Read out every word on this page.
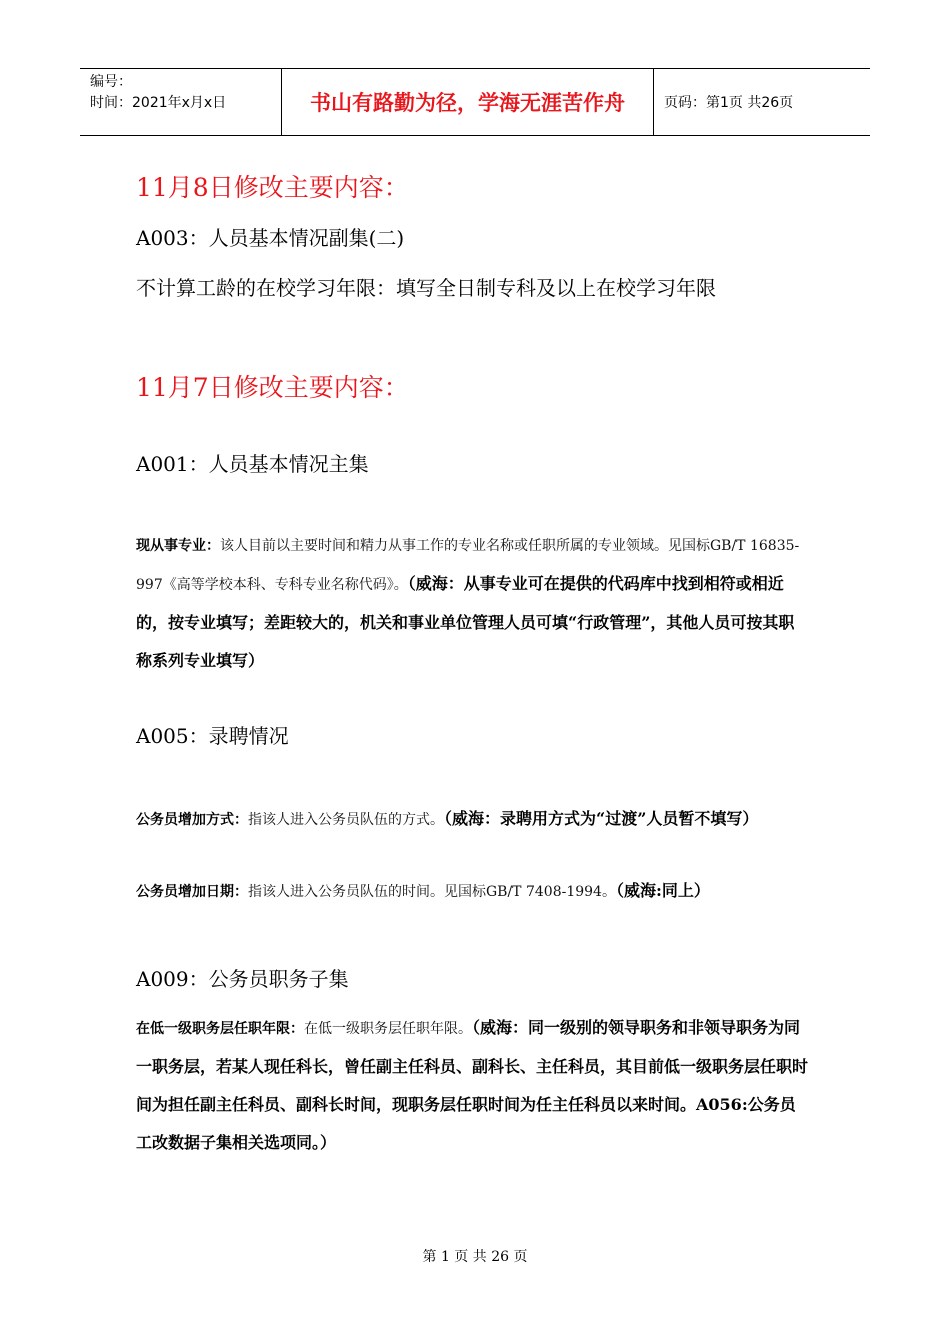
编号：
时间：2021年x月x日	书山有路勤为径，学海无涯苦作舟	页码：第1页 共26页
11月8日修改主要内容：
A003：人员基本情况副集(二)
不计算工龄的在校学习年限：填写全日制专科及以上在校学习年限
11月7日修改主要内容：
A001：人员基本情况主集
现从事专业：该人目前以主要时间和精力从事工作的专业名称或任职所属的专业领域。见国标GB/T 16835-997《高等学校本科、专科专业名称代码》。（威海：从事专业可在提供的代码库中找到相符或相近的，按专业填写；差距较大的，机关和事业单位管理人员可填“行政管理”，其他人员可按其职称系列专业填写）
A005：录聘情况
公务员增加方式：指该人进入公务员队伍的方式。（威海：录聘用方式为“过渡”人员暂不填写）
公务员增加日期：指该人进入公务员队伍的时间。见国标GB/T 7408-1994。（威海:同上）
A009：公务员职务子集
在低一级职务层任职年限：在低一级职务层任职年限。（威海：同一级别的领导职务和非领导职务为同一职务层，若某人现任科长，曾任副主任科员、副科长、主任科员，其目前低一级职务层任职时间为担任副主任科员、副科长时间，现职务层任职时间为任主任科员以来时间。A056:公务员工改数据子集相关选项同。）
第 1 页 共 26 页
